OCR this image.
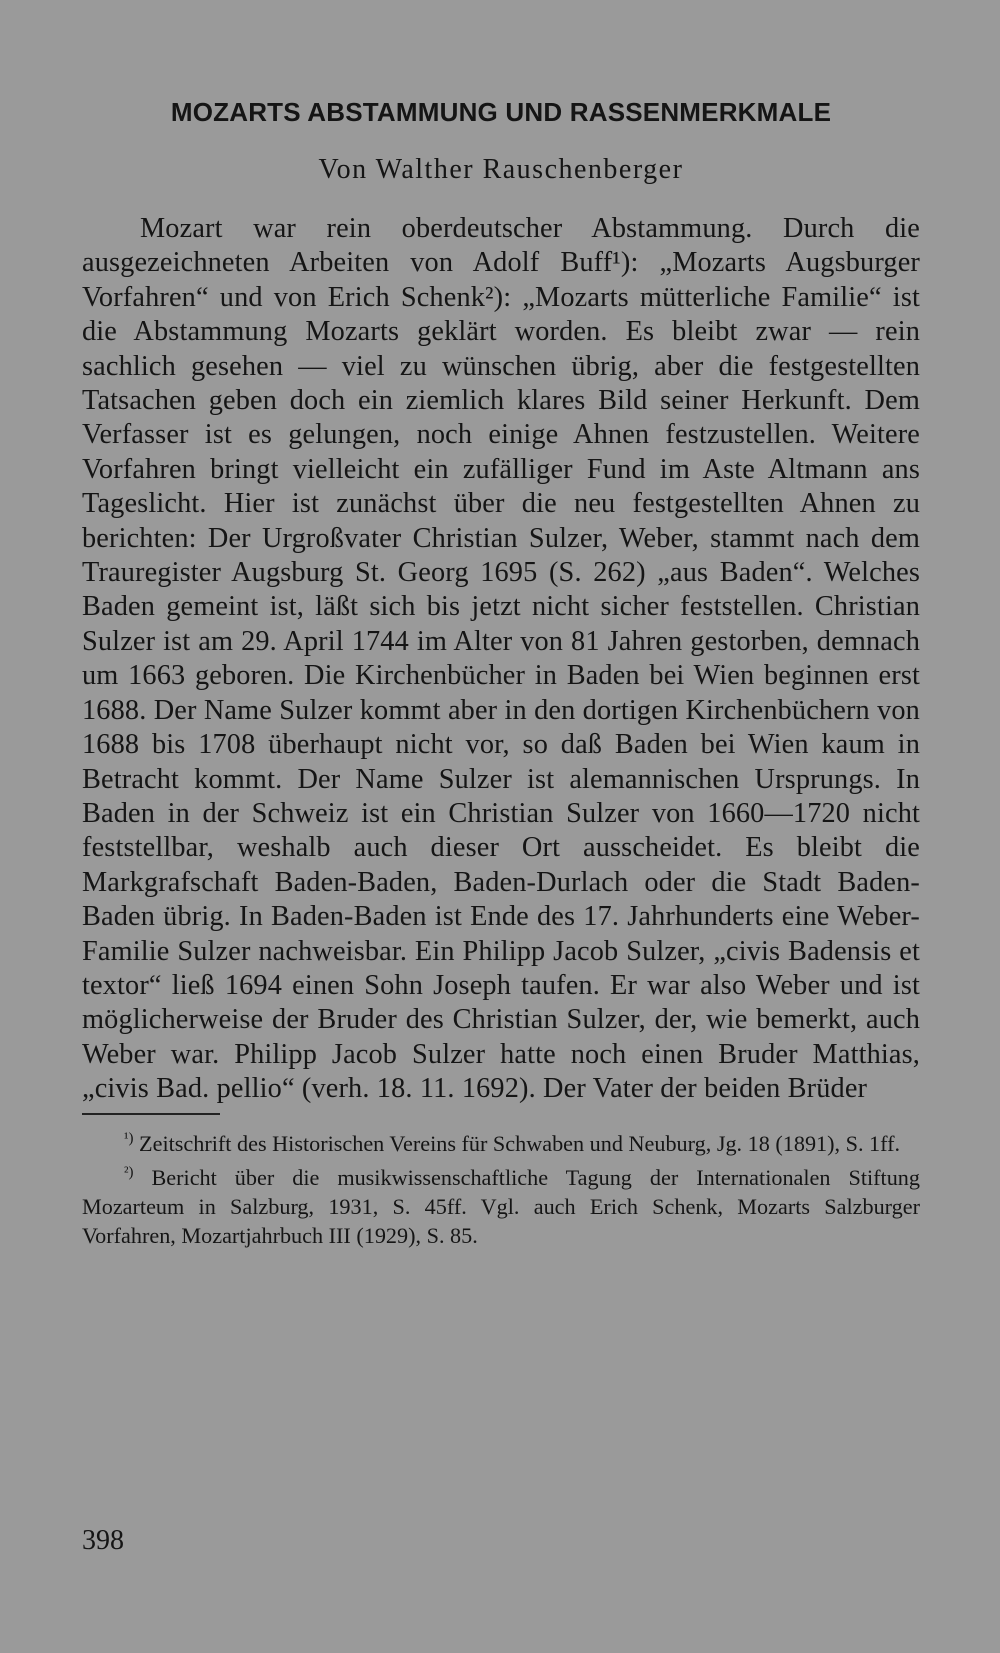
MOZARTS ABSTAMMUNG UND RASSENMERKMALE
Von Walther Rauschenberger

Mozart war rein oberdeutscher Abstammung. Durch die ausgezeichneten Arbeiten von Adolf Buff¹): „Mozarts Augsburger Vorfahren“ und von Erich Schenk²): „Mozarts mütterliche Familie“ ist die Abstammung Mozarts geklärt worden. Es bleibt zwar — rein sachlich gesehen — viel zu wünschen übrig, aber die festgestellten Tatsachen geben doch ein ziemlich klares Bild seiner Herkunft. Dem Verfasser ist es gelungen, noch einige Ahnen festzustellen. Weitere Vorfahren bringt vielleicht ein zufälliger Fund im Aste Altmann ans Tageslicht. Hier ist zunächst über die neu festgestellten Ahnen zu berichten: Der Urgroßvater Christian Sulzer, Weber, stammt nach dem Trauregister Augsburg St. Georg 1695 (S. 262) „aus Baden“. Welches Baden gemeint ist, läßt sich bis jetzt nicht sicher feststellen. Christian Sulzer ist am 29. April 1744 im Alter von 81 Jahren gestorben, demnach um 1663 geboren. Die Kirchenbücher in Baden bei Wien beginnen erst 1688. Der Name Sulzer kommt aber in den dortigen Kirchenbüchern von 1688 bis 1708 überhaupt nicht vor, so daß Baden bei Wien kaum in Betracht kommt. Der Name Sulzer ist alemannischen Ursprungs. In Baden in der Schweiz ist ein Christian Sulzer von 1660—1720 nicht feststellbar, weshalb auch dieser Ort ausscheidet. Es bleibt die Markgrafschaft Baden-Baden, Baden-Durlach oder die Stadt Baden-Baden übrig. In Baden-Baden ist Ende des 17. Jahrhunderts eine Weber-Familie Sulzer nachweisbar. Ein Philipp Jacob Sulzer, „civis Badensis et textor“ ließ 1694 einen Sohn Joseph taufen. Er war also Weber und ist möglicherweise der Bruder des Christian Sulzer, der, wie bemerkt, auch Weber war. Philipp Jacob Sulzer hatte noch einen Bruder Matthias, „civis Bad. pellio“ (verh. 18. 11. 1692). Der Vater der beiden Brüder

$^{^1)}$ Zeitschrift des Historischen Vereins für Schwaben und Neuburg, Jg. 18 (1891), S. 1ff.

$^{^2)}$ Bericht über die musikwissenschaftliche Tagung der Internationalen Stiftung Mozarteum in Salzburg, 1931, S. 45ff. Vgl. auch Erich Schenk, Mozarts Salzburger Vorfahren, Mozartjahrbuch III (1929), S. 85.

398
